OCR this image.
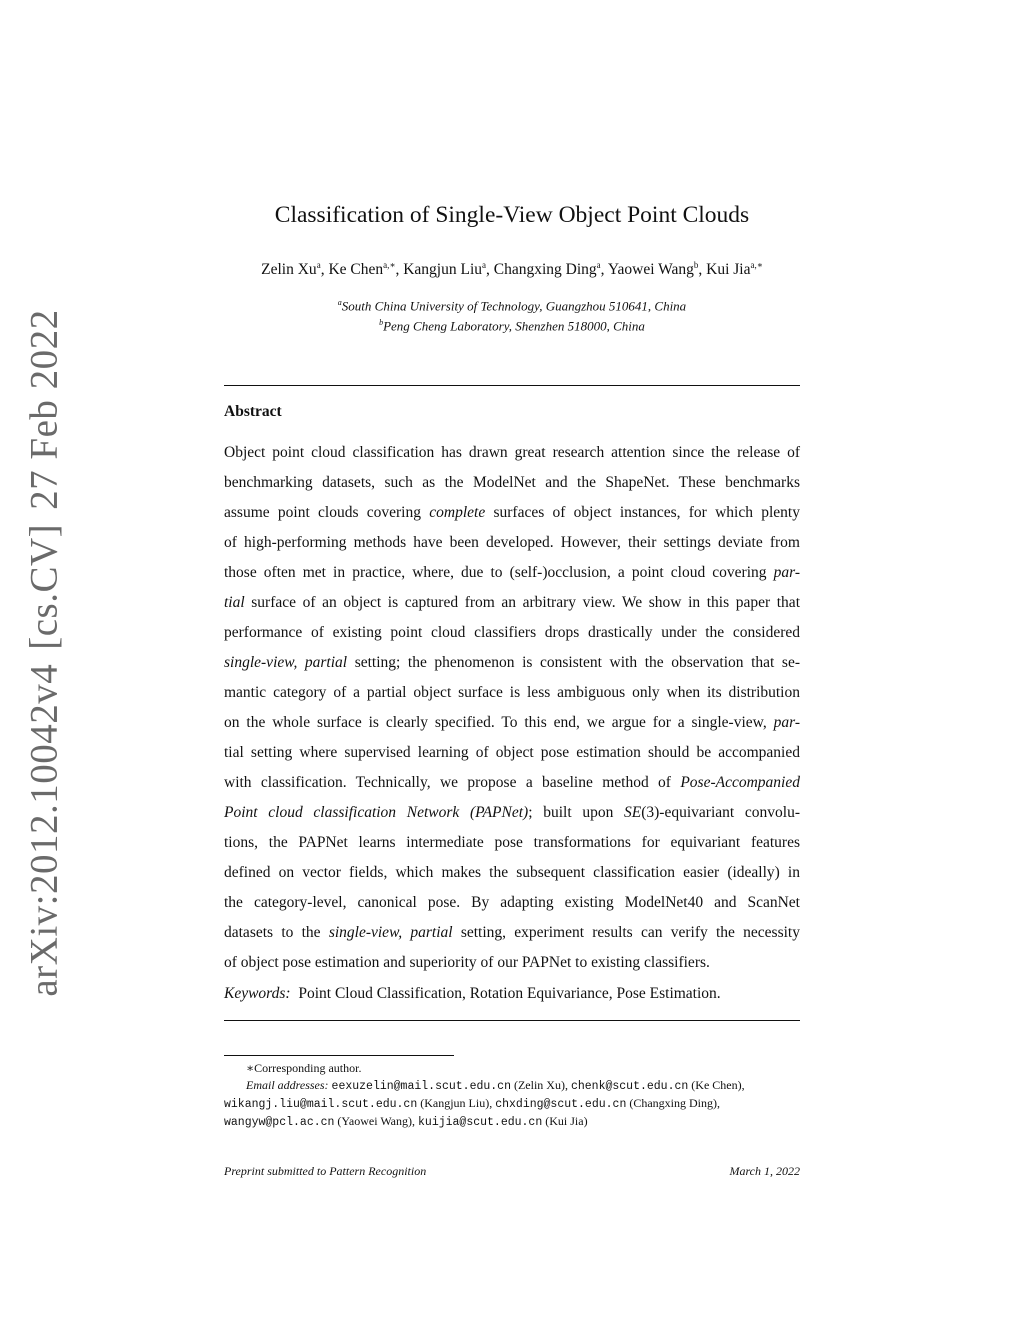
arXiv:2012.10042v4[cs.CV]27 Feb 2022
Classification of Single-View Object Point Clouds
Zelin Xu$^a$, Ke Chen$^{a,∗}$, Kangjun Liu$^a$, Changxing Ding$^a$, Yaowei Wang$^b$, Kui Jia$^{a,∗}$
$^a$South China University of Technology, Guangzhou 510641, China
$^b$Peng Cheng Laboratory, Shenzhen 518000, China
Abstract
Object point cloud classification has drawn great research attention since the release of
benchmarking datasets, such as the ModelNet and the ShapeNet. These benchmarks
assume point clouds covering complete surfaces of object instances, for which plenty
of high-performing methods have been developed. However, their settings deviate from
those often met in practice, where, due to (self-)occlusion, a point cloud covering par-
tial surface of an object is captured from an arbitrary view. We show in this paper that
performance of existing point cloud classifiers drops drastically under the considered
single-view, partial setting; the phenomenon is consistent with the observation that se-
mantic category of a partial object surface is less ambiguous only when its distribution
on the whole surface is clearly specified. To this end, we argue for a single-view, par-
tial setting where supervised learning of object pose estimation should be accompanied
with classification. Technically, we propose a baseline method of Pose-Accompanied
Point cloud classification Network (PAPNet); built upon SE(3)-equivariant convolu-
tions, the PAPNet learns intermediate pose transformations for equivariant features
defined on vector fields, which makes the subsequent classification easier (ideally) in
the category-level, canonical pose. By adapting existing ModelNet40 and ScanNet
datasets to the single-view, partial setting, experiment results can verify the necessity
of object pose estimation and superiority of our PAPNet to existing classifiers.
Keywords: Point Cloud Classification, Rotation Equivariance, Pose Estimation.
∗Corresponding author.
Email addresses: eexuzelin@mail.scut.edu.cn (Zelin Xu), chenk@scut.edu.cn (Ke Chen),
wikangj.liu@mail.scut.edu.cn (Kangjun Liu), chxding@scut.edu.cn (Changxing Ding),
wangyw@pcl.ac.cn (Yaowei Wang), kuijia@scut.edu.cn (Kui Jia)
Preprint submitted to Pattern Recognition	March 1, 2022
